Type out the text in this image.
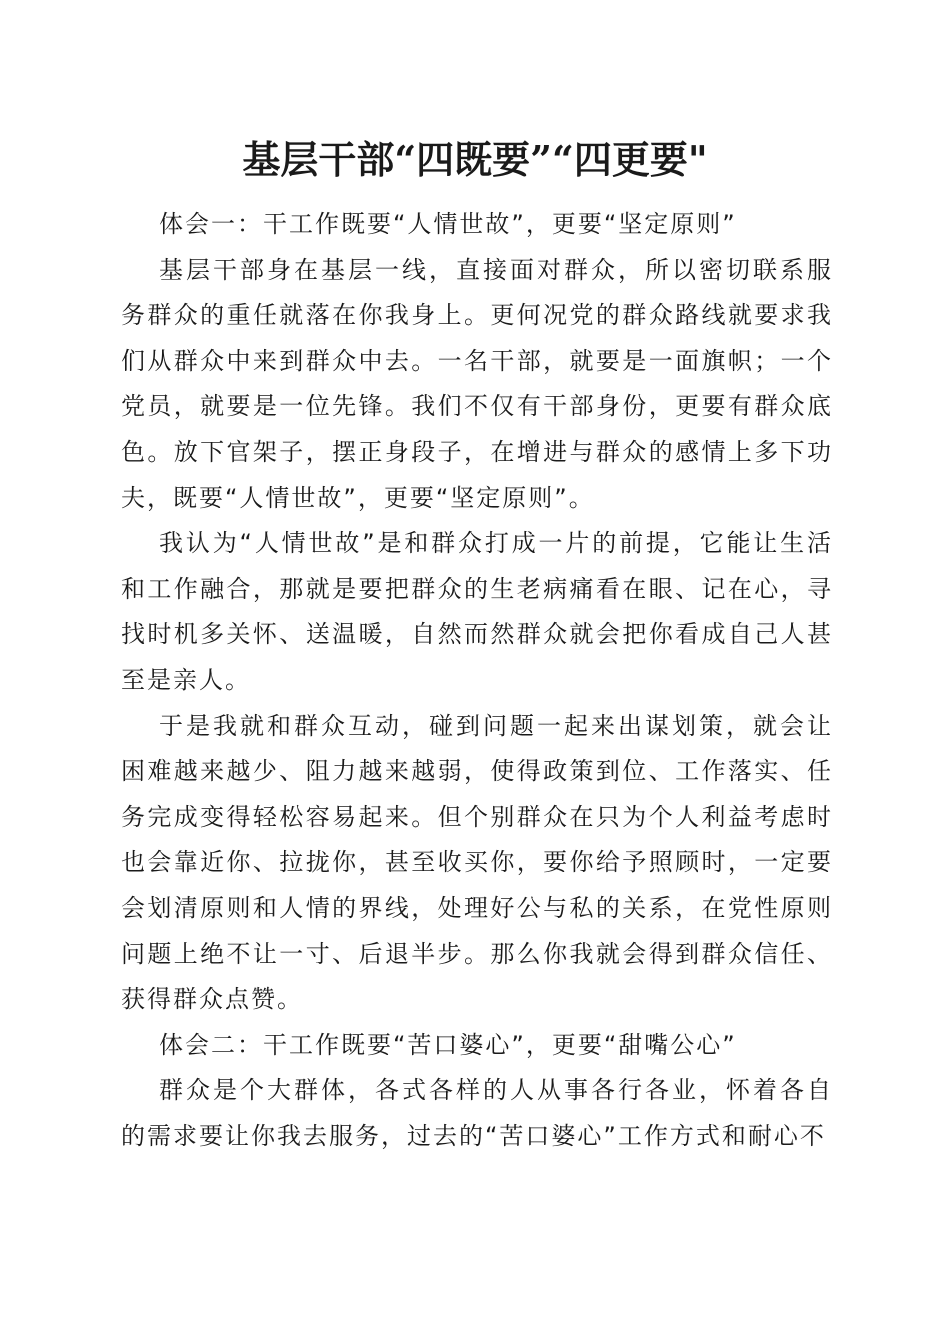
基层干部“四既要”“四更要"

体会一：干工作既要“人情世故”，更要“坚定原则”

基层干部身在基层一线，直接面对群众，所以密切联系服务群众的重任就落在你我身上。更何况党的群众路线就要求我们从群众中来到群众中去。一名干部，就要是一面旗帜；一个党员，就要是一位先锋。我们不仅有干部身份，更要有群众底色。放下官架子，摆正身段子，在增进与群众的感情上多下功夫，既要“人情世故”，更要“坚定原则”。

我认为“人情世故”是和群众打成一片的前提，它能让生活和工作融合，那就是要把群众的生老病痛看在眼、记在心，寻找时机多关怀、送温暖，自然而然群众就会把你看成自己人甚至是亲人。

于是我就和群众互动，碰到问题一起来出谋划策，就会让困难越来越少、阻力越来越弱，使得政策到位、工作落实、任务完成变得轻松容易起来。但个别群众在只为个人利益考虑时也会靠近你、拉拢你，甚至收买你，要你给予照顾时，一定要会划清原则和人情的界线，处理好公与私的关系，在党性原则问题上绝不让一寸、后退半步。那么你我就会得到群众信任、获得群众点赞。

体会二：干工作既要“苦口婆心”，更要“甜嘴公心”

群众是个大群体，各式各样的人从事各行各业，怀着各自的需求要让你我去服务，过去的“苦口婆心”工作方式和耐心不
